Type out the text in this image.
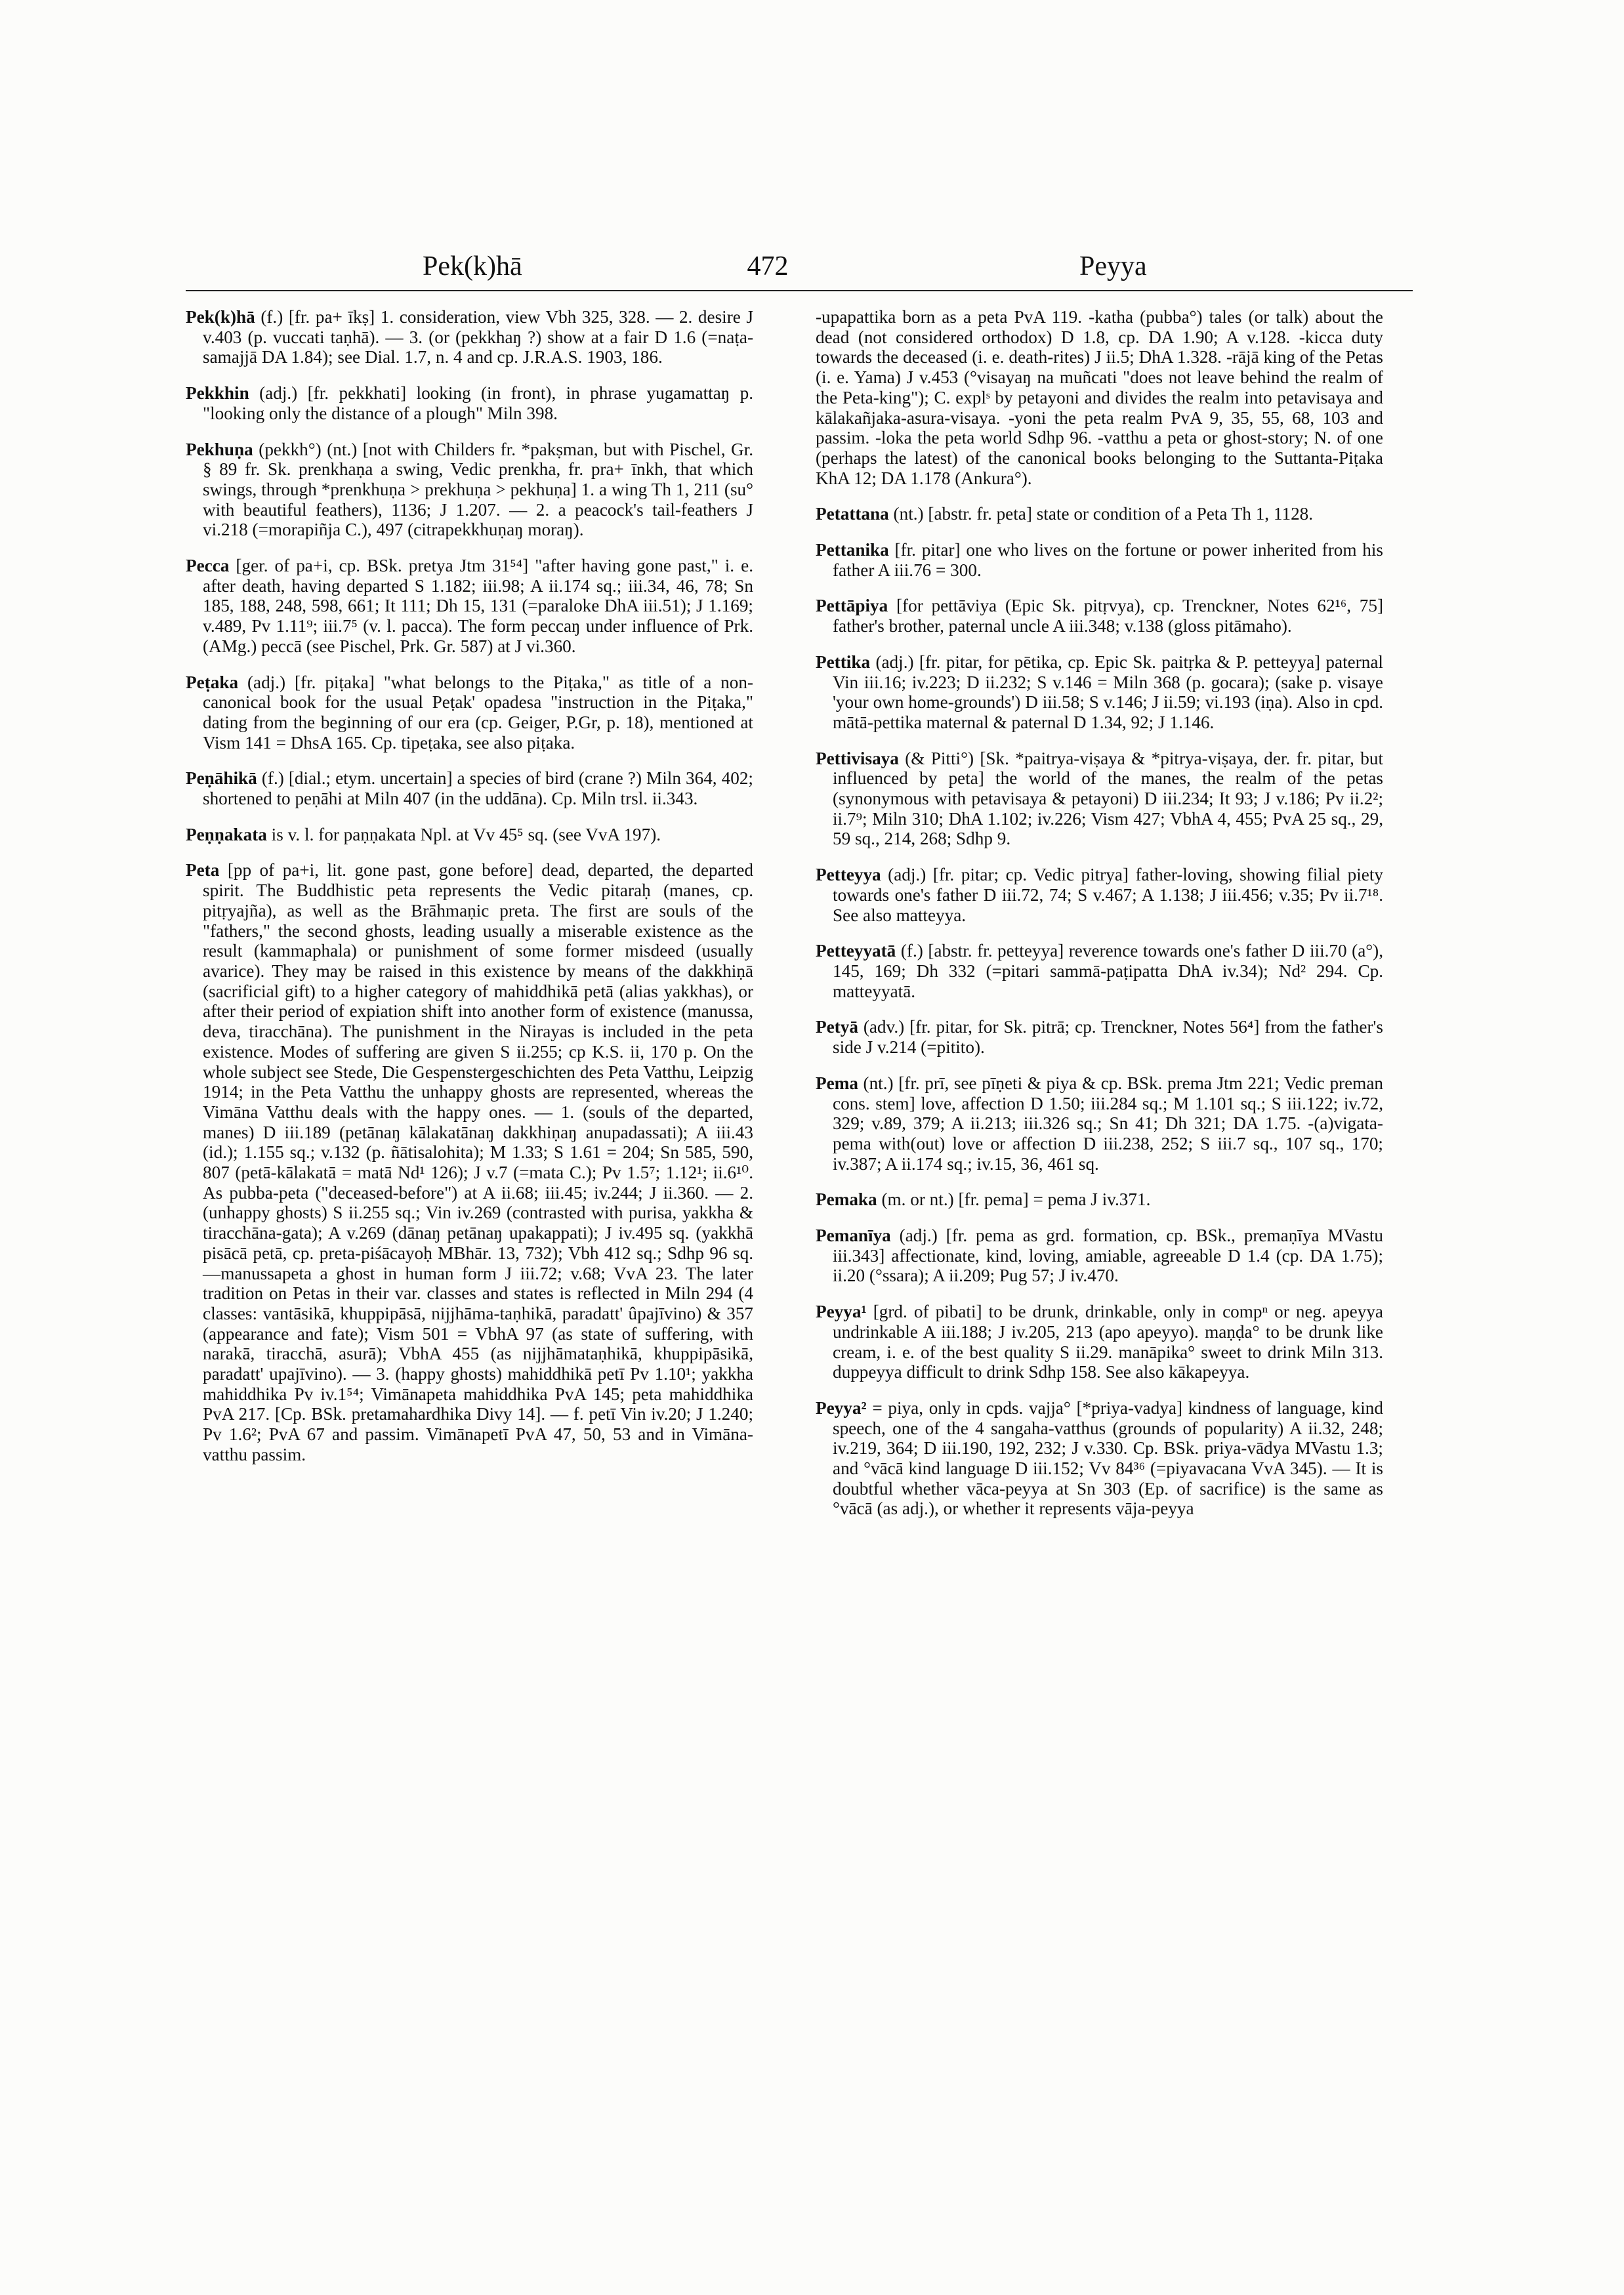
Pek(k)hā	472	Peyya
Pek(k)hā (f.) [fr. pa+ īkṣ] 1. consideration, view Vbh 325, 328. — 2. desire J v.403 (p. vuccati taṇhā). — 3. (or (pekkhaŋ ?) show at a fair D 1.6 (=naṭa-samajjā DA 1.84); see Dial. 1.7, n. 4 and cp. J.R.A.S. 1903, 186.
Pekkhin (adj.) [fr. pekkhati] looking (in front), in phrase yugamattaŋ p. "looking only the distance of a plough" Miln 398.
Pekhuṇa (pekkh°) (nt.) [not with Childers fr. *pakṣman, but with Pischel, Gr. § 89 fr. Sk. prenkhaṇa a swing, Vedic prenkha, fr. pra+ īnkh, that which swings, through *prenkhuṇa > prekhuṇa > pekhuṇa] 1. a wing Th 1, 211 (su° with beautiful feathers), 1136; J 1.207. — 2. a peacock's tail-feathers J vi.218 (=morapiñja C.), 497 (citrapekkhuṇaŋ moraŋ).
Pecca [ger. of pa+i, cp. BSk. pretya Jtm 31⁵⁴] "after having gone past," i. e. after death, having departed S 1.182; iii.98; A ii.174 sq.; iii.34, 46, 78; Sn 185, 188, 248, 598, 661; It 111; Dh 15, 131 (=paraloke DhA iii.51); J 1.169; v.489, Pv 1.11⁹; iii.7⁵ (v. l. pacca). The form peccaŋ under influence of Prk. (AMg.) peccā (see Pischel, Prk. Gr. 587) at J vi.360.
Peṭaka (adj.) [fr. piṭaka] "what belongs to the Piṭaka," as title of a non-canonical book for the usual Peṭak' opadesa "instruction in the Piṭaka," dating from the beginning of our era (cp. Geiger, P.Gr, p. 18), mentioned at Vism 141 = DhsA 165. Cp. tipeṭaka, see also piṭaka.
Peṇāhikā (f.) [dial.; etym. uncertain] a species of bird (crane ?) Miln 364, 402; shortened to peṇāhi at Miln 407 (in the uddāna). Cp. Miln trsl. ii.343.
Peṇṇakata is v. l. for paṇṇakata Npl. at Vv 45⁵ sq. (see VvA 197).
Peta [pp of pa+i, lit. gone past, gone before] dead, departed, the departed spirit. The Buddhistic peta represents the Vedic pitaraḥ (manes, cp. pitṛyajña), as well as the Brāhmaṇic preta. The first are souls of the "fathers," the second ghosts, leading usually a miserable existence as the result (kammaphala) or punishment of some former misdeed (usually avarice). They may be raised in this existence by means of the dakkhiṇā (sacrificial gift) to a higher category of mahiddhikā petā (alias yakkhas), or after their period of expiation shift into another form of existence (manussa, deva, tiracchāna). The punishment in the Nirayas is included in the peta existence. Modes of suffering are given S ii.255; cp K.S. ii, 170 p. On the whole subject see Stede, Die Gespenstergeschichten des Peta Vatthu, Leipzig 1914; in the Peta Vatthu the unhappy ghosts are represented, whereas the Vimāna Vatthu deals with the happy ones. — 1. (souls of the departed, manes) D iii.189 (petānaŋ kālakatānaŋ dakkhiṇaŋ anupadassati); A iii.43 (id.); 1.155 sq.; v.132 (p. ñātisalohita); M 1.33; S 1.61 = 204; Sn 585, 590, 807 (petā-kālakatā = matā Nd¹ 126); J v.7 (=mata C.); Pv 1.5⁷; 1.12¹; ii.6¹⁰. As pubba-peta ("deceased-before") at A ii.68; iii.45; iv.244; J ii.360. — 2. (unhappy ghosts) S ii.255 sq.; Vin iv.269 (contrasted with purisa, yakkha & tiracchāna-gata); A v.269 (dānaŋ petānaŋ upakappati); J iv.495 sq. (yakkhā pisācā petā, cp. preta-piśācayoḥ MBhār. 13, 732); Vbh 412 sq.; Sdhp 96 sq. —manussapeta a ghost in human form J iii.72; v.68; VvA 23. The later tradition on Petas in their var. classes and states is reflected in Miln 294 (4 classes: vantāsikā, khuppipāsā, nijjhāma-taṇhikā, paradatt' ûpajīvino) & 357 (appearance and fate); Vism 501 = VbhA 97 (as state of suffering, with narakā, tiracchā, asurā); VbhA 455 (as nijjhāmataṇhikā, khuppipāsikā, paradatt' upajīvino). — 3. (happy ghosts) mahiddhikā petī Pv 1.10¹; yakkha mahiddhika Pv iv.1⁵⁴; Vimānapeta mahiddhika PvA 145; peta mahiddhika PvA 217. [Cp. BSk. pretamahardhika Divy 14]. — f. petī Vin iv.20; J 1.240; Pv 1.6²; PvA 67 and passim. Vimānapetī PvA 47, 50, 53 and in Vimāna-vatthu passim.
-upapattika born as a peta PvA 119. -katha (pubba°) tales (or talk) about the dead (not considered orthodox) D 1.8, cp. DA 1.90; A v.128. -kicca duty towards the deceased (i. e. death-rites) J ii.5; DhA 1.328. -rājā king of the Petas (i. e. Yama) J v.453 (°visayaŋ na muñcati "does not leave behind the realm of the Peta-king"); C. explˢ by petayoni and divides the realm into petavisaya and kālakañjaka-asura-visaya. -yoni the peta realm PvA 9, 35, 55, 68, 103 and passim. -loka the peta world Sdhp 96. -vatthu a peta or ghost-story; N. of one (perhaps the latest) of the canonical books belonging to the Suttanta-Piṭaka KhA 12; DA 1.178 (Ankura°).
Petattana (nt.) [abstr. fr. peta] state or condition of a Peta Th 1, 1128.
Pettanika [fr. pitar] one who lives on the fortune or power inherited from his father A iii.76 = 300.
Pettāpiya [for pettāviya (Epic Sk. pitṛvya), cp. Trenckner, Notes 62¹⁶, 75] father's brother, paternal uncle A iii.348; v.138 (gloss pitāmaho).
Pettika (adj.) [fr. pitar, for pētika, cp. Epic Sk. paitṛka & P. petteyya] paternal Vin iii.16; iv.223; D ii.232; S v.146 = Miln 368 (p. gocara); (sake p. visaye 'your own home-grounds') D iii.58; S v.146; J ii.59; vi.193 (iṇa). Also in cpd. mātā-pettika maternal & paternal D 1.34, 92; J 1.146.
Pettivisaya (& Pitti°) [Sk. *paitrya-viṣaya & *pitrya-viṣaya, der. fr. pitar, but influenced by peta] the world of the manes, the realm of the petas (synonymous with petavisaya & petayoni) D iii.234; It 93; J v.186; Pv ii.2²; ii.7⁹; Miln 310; DhA 1.102; iv.226; Vism 427; VbhA 4, 455; PvA 25 sq., 29, 59 sq., 214, 268; Sdhp 9.
Petteyya (adj.) [fr. pitar; cp. Vedic pitrya] father-loving, showing filial piety towards one's father D iii.72, 74; S v.467; A 1.138; J iii.456; v.35; Pv ii.7¹⁸. See also matteyya.
Petteyyatā (f.) [abstr. fr. petteyya] reverence towards one's father D iii.70 (a°), 145, 169; Dh 332 (=pitari sammā-paṭipatta DhA iv.34); Nd² 294. Cp. matteyyatā.
Petyā (adv.) [fr. pitar, for Sk. pitrā; cp. Trenckner, Notes 56⁴] from the father's side J v.214 (=pitito).
Pema (nt.) [fr. prī, see pīṇeti & piya & cp. BSk. prema Jtm 221; Vedic preman cons. stem] love, affection D 1.50; iii.284 sq.; M 1.101 sq.; S iii.122; iv.72, 329; v.89, 379; A ii.213; iii.326 sq.; Sn 41; Dh 321; DA 1.75. -(a)vigata-pema with(out) love or affection D iii.238, 252; S iii.7 sq., 107 sq., 170; iv.387; A ii.174 sq.; iv.15, 36, 461 sq.
Pemaka (m. or nt.) [fr. pema] = pema J iv.371.
Pemanīya (adj.) [fr. pema as grd. formation, cp. BSk., premaṇīya MVastu iii.343] affectionate, kind, loving, amiable, agreeable D 1.4 (cp. DA 1.75); ii.20 (°ssara); A ii.209; Pug 57; J iv.470.
Peyya¹ [grd. of pibati] to be drunk, drinkable, only in compⁿ or neg. apeyya undrinkable A iii.188; J iv.205, 213 (apo apeyyo). maṇḍa° to be drunk like cream, i. e. of the best quality S ii.29. manāpika° sweet to drink Miln 313. duppeyya difficult to drink Sdhp 158. See also kākapeyya.
Peyya² = piya, only in cpds. vajja° [*priya-vadya] kindness of language, kind speech, one of the 4 sangaha-vatthus (grounds of popularity) A ii.32, 248; iv.219, 364; D iii.190, 192, 232; J v.330. Cp. BSk. priya-vādya MVastu 1.3; and °vācā kind language D iii.152; Vv 84³⁶ (=piyavacana VvA 345). — It is doubtful whether vāca-peyya at Sn 303 (Ep. of sacrifice) is the same as °vācā (as adj.), or whether it represents vāja-peyya
